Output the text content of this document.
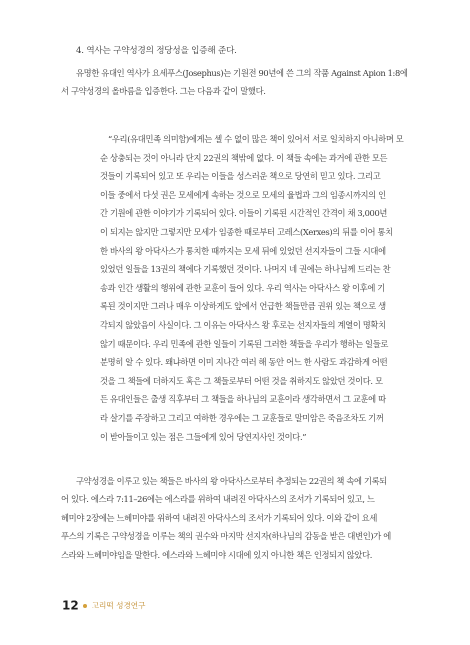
4. 역사는 구약성경의 정당성을 입증해 준다.
유명한 유대인 역사가 요세푸스(Josephus)는 기원전 90년에 쓴 그의 작품 Against Apion 1:8에
서 구약성경의 올바름을 입증한다. 그는 다음과 같이 말했다.
“우리(유대민족 의미함)에게는 셀 수 없이 많은 책이 있어서 서로 일치하지 아니하며 모
순 상충되는 것이 아니라 단지 22권의 책밖에 없다. 이 책들 속에는 과거에 관한 모든
것들이 기록되어 있고 또 우리는 이들을 성스러운 책으로 당연히 믿고 있다. 그리고
이들 중에서 다섯 권은 모세에게 속하는 것으로 모세의 율법과 그의 임종시까지의 인
간 기원에 관한 이야기가 기록되어 있다. 이들이 기록된 시간적인 간격이 채 3,000년
이 되지는 않지만 그렇지만 모세가 임종한 때로부터 고레스(Xerxes)의 뒤를 이어 통치
한 바사의 왕 아닥사스가 통치한 때까지는 모세 뒤에 있었던 선지자들이 그들 시대에
있었던 일들을 13권의 책에다 기록했던 것이다. 나머지 네 권에는 하나님께 드리는 찬
송과 인간 생활의 행위에 관한 교훈이 들어 있다. 우리 역사는 아닥사스 왕 이후에 기
록된 것이지만 그러나 매우 이상하게도 앞에서 언급한 책들만큼 권위 있는 책으로 생
각되지 않았음이 사실이다. 그 이유는 아닥사스 왕 후로는 선지자들의 계열이 명확치
않기 때문이다. 우리 민족에 관한 일들이 기록된 그러한 책들을 우리가 행하는 일들로
분명히 알 수 있다. 왜냐하면 이미 지나간 여러 해 동안 어느 한 사람도 과감하게 어떤
것을 그 책들에 더하지도 혹은 그 책들로부터 어떤 것을 취하지도 않았던 것이다. 모
든 유대인들은 출생 직후부터 그 책들을 하나님의 교훈이라 생각하면서 그 교훈에 따
라 살기를 주장하고 그리고 여하한 경우에는 그 교훈들로 말미암은 죽음조차도 기꺼
이 받아들이고 있는 점은 그들에게 있어 당연지사인 것이다.”
구약성경을 이루고 있는 책들은 바사의 왕 아닥사스로부터 추정되는 22권의 책 속에 기록되
어 있다. 에스라 7:11–26에는 에스라를 위하여 내려진 아닥사스의 조서가 기록되어 있고, 느
헤미야 2장에는 느헤미야를 위하여 내려진 아닥사스의 조서가 기록되어 있다. 이와 같이 요세
푸스의 기록은 구약성경을 이루는 책의 권수와 마지막 선지자(하나님의 감동을 받은 대변인)가 에
스라와 느헤미야임을 말한다. 에스라와 느헤미야 시대에 있지 아니한 책은 인정되지 않았다.
12 고리떡 성경연구
